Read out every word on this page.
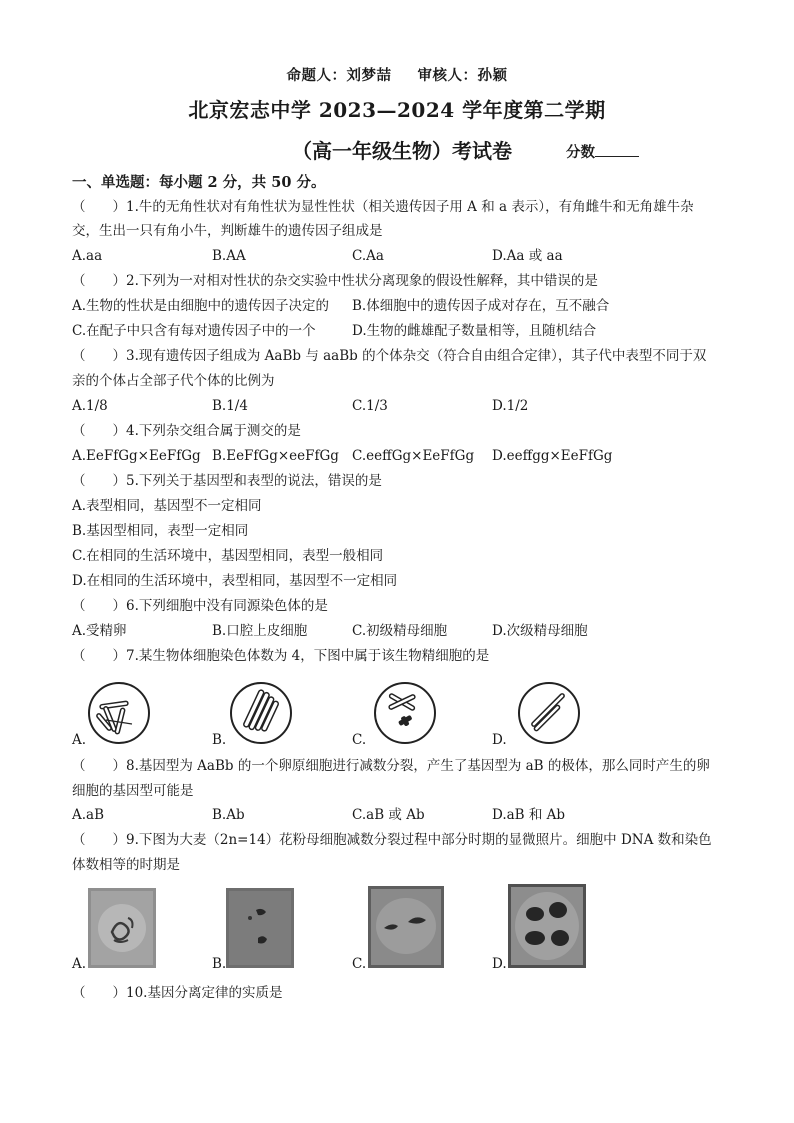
命题人：刘梦喆 审核人：孙颖
北京宏志中学 2023—2024 学年度第二学期
（高一年级生物）考试卷	分数
一、单选题：每小题 2 分，共 50 分。
（　　）1.牛的无角性状对有角性状为显性性状（相关遗传因子用 A 和 a 表示），有角雌牛和无角雄牛杂
交，生出一只有角小牛，判断雄牛的遗传因子组成是
A.aa	B.AA	C.Aa	D.Aa 或 aa
（　　）2.下列为一对相对性状的杂交实验中性状分离现象的假设性解释，其中错误的是
A.生物的性状是由细胞中的遗传因子决定的 B.体细胞中的遗传因子成对存在，互不融合
C.在配子中只含有每对遗传因子中的一个	D.生物的雌雄配子数量相等，且随机结合
（　　）3.现有遗传因子组成为 AaBb 与 aaBb 的个体杂交（符合自由组合定律），其子代中表型不同于双
亲的个体占全部子代个体的比例为
A.1/8	B.1/4	C.1/3	D.1/2
（　　）4.下列杂交组合属于测交的是
A.EeFfGg×EeFfGg B.EeFfGg×eeFfGg C.eeffGg×EeFfGg D.eeffgg×EeFfGg
（　　）5.下列关于基因型和表型的说法，错误的是
A.表型相同，基因型不一定相同
B.基因型相同，表型一定相同
C.在相同的生活环境中，基因型相同，表型一般相同
D.在相同的生活环境中，表型相同，基因型不一定相同
（　　）6.下列细胞中没有同源染色体的是
A.受精卵	B.口腔上皮细胞	C.初级精母细胞	D.次级精母细胞
（　　）7.某生物体细胞染色体数为 4，下图中属于该生物精细胞的是
A.	B.	C.	D.
（　　）8.基因型为 AaBb 的一个卵原细胞进行减数分裂，产生了基因型为 aB 的极体，那么同时产生的卵
细胞的基因型可能是
A.aB	B.Ab	C.aB 或 Ab	D.aB 和 Ab
（　　）9.下图为大麦（2n=14）花粉母细胞减数分裂过程中部分时期的显微照片。细胞中 DNA 数和染色
体数相等的时期是
A.	B.	C.	D.
（　　）10.基因分离定律的实质是
